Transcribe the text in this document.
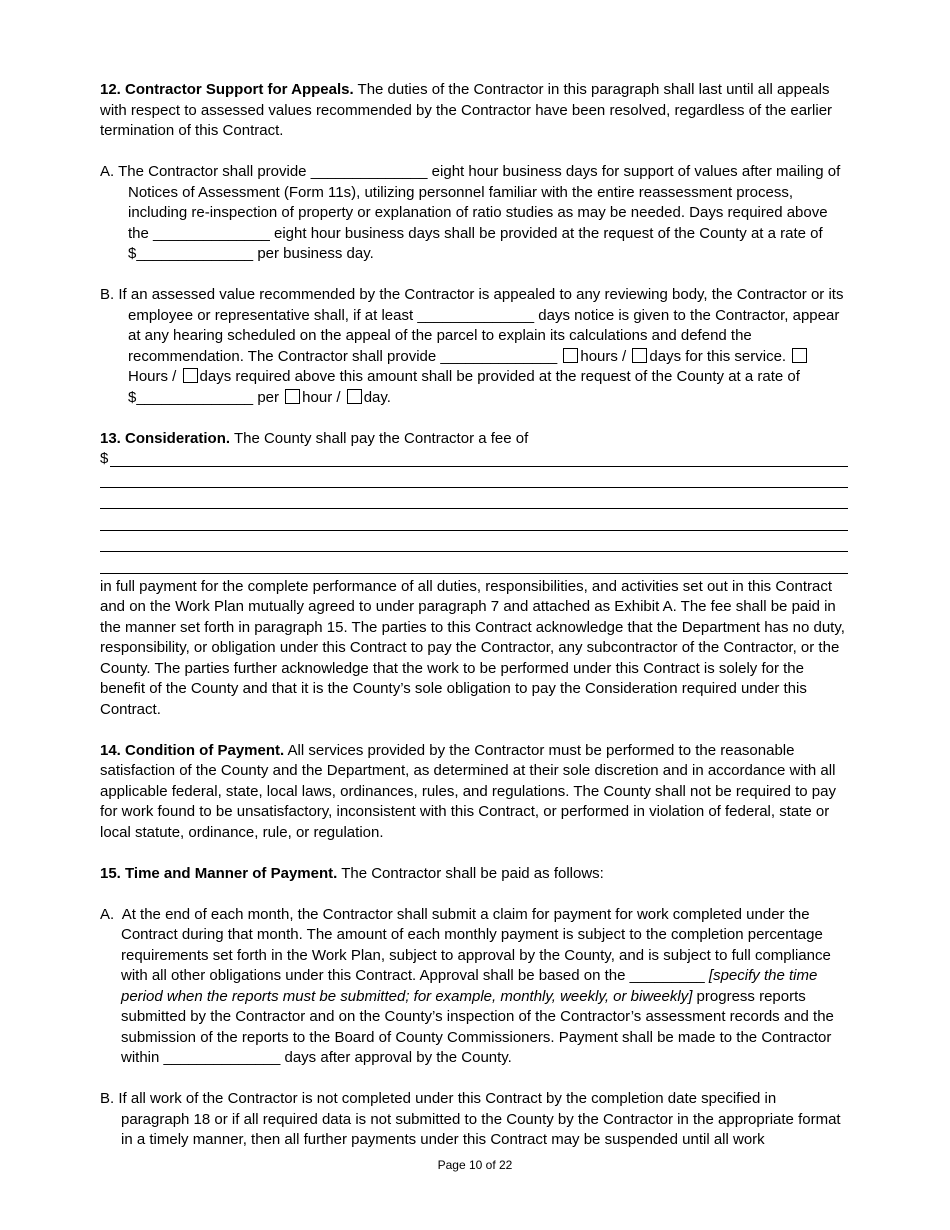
12. Contractor Support for Appeals. The duties of the Contractor in this paragraph shall last until all appeals with respect to assessed values recommended by the Contractor have been resolved, regardless of the earlier termination of this Contract.

A. The Contractor shall provide ______________ eight hour business days for support of values after mailing of Notices of Assessment (Form 11s), utilizing personnel familiar with the entire reassessment process, including re-inspection of property or explanation of ratio studies as may be needed. Days required above the ______________ eight hour business days shall be provided at the request of the County at a rate of $______________ per business day.

B. If an assessed value recommended by the Contractor is appealed to any reviewing body, the Contractor or its employee or representative shall, if at least ______________ days notice is given to the Contractor, appear at any hearing scheduled on the appeal of the parcel to explain its calculations and defend the recommendation. The Contractor shall provide ______________ hours / days for this service. Hours / days required above this amount shall be provided at the request of the County at a rate of $______________ per hour / day.

13. Consideration. The County shall pay the Contractor a fee of

$

in full payment for the complete performance of all duties, responsibilities, and activities set out in this Contract and on the Work Plan mutually agreed to under paragraph 7 and attached as Exhibit A. The fee shall be paid in the manner set forth in paragraph 15. The parties to this Contract acknowledge that the Department has no duty, responsibility, or obligation under this Contract to pay the Contractor, any subcontractor of the Contractor, or the County. The parties further acknowledge that the work to be performed under this Contract is solely for the benefit of the County and that it is the County’s sole obligation to pay the Consideration required under this Contract.

14. Condition of Payment. All services provided by the Contractor must be performed to the reasonable satisfaction of the County and the Department, as determined at their sole discretion and in accordance with all applicable federal, state, local laws, ordinances, rules, and regulations. The County shall not be required to pay for work found to be unsatisfactory, inconsistent with this Contract, or performed in violation of federal, state or local statute, ordinance, rule, or regulation.

15. Time and Manner of Payment. The Contractor shall be paid as follows:

A. At the end of each month, the Contractor shall submit a claim for payment for work completed under the Contract during that month. The amount of each monthly payment is subject to the completion percentage requirements set forth in the Work Plan, subject to approval by the County, and is subject to full compliance with all other obligations under this Contract. Approval shall be based on the _________ [specify the time period when the reports must be submitted; for example, monthly, weekly, or biweekly] progress reports submitted by the Contractor and on the County’s inspection of the Contractor’s assessment records and the submission of the reports to the Board of County Commissioners. Payment shall be made to the Contractor within ______________ days after approval by the County.

B. If all work of the Contractor is not completed under this Contract by the completion date specified in paragraph 18 or if all required data is not submitted to the County by the Contractor in the appropriate format in a timely manner, then all further payments under this Contract may be suspended until all work

Page 10 of 22
